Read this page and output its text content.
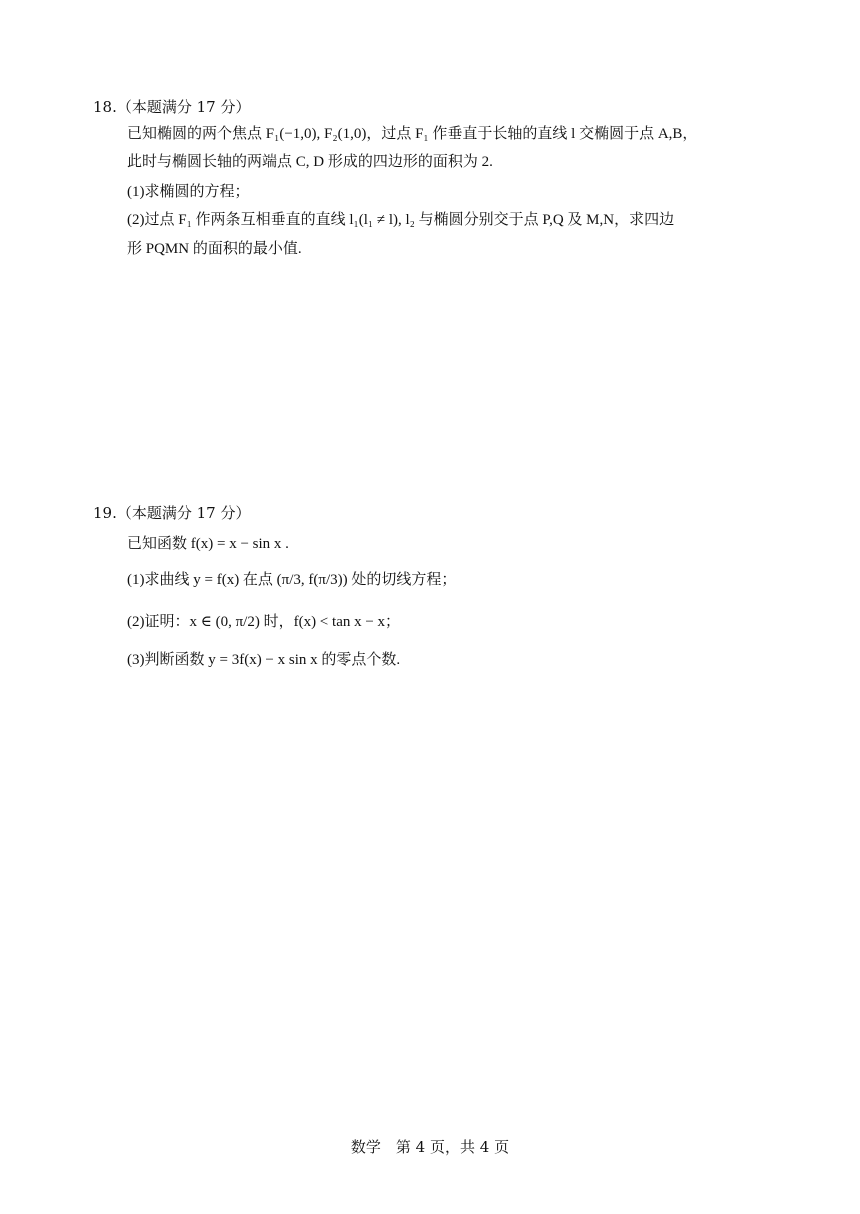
18.（本题满分 17 分）
已知椭圆的两个焦点 F₁(−1,0), F₂(1,0)，过点 F₁ 作垂直于长轴的直线 l 交椭圆于点 A,B，
此时与椭圆长轴的两端点 C, D 形成的四边形的面积为 2.
(1)求椭圆的方程；
(2)过点 F₁ 作两条互相垂直的直线 l₁(l₁ ≠ l), l₂ 与椭圆分别交于点 P,Q 及 M,N，求四边
形 PQMN 的面积的最小值.
19.（本题满分 17 分）
已知函数 f(x) = x − sin x .
(1)求曲线 y = f(x) 在点 (π/3, f(π/3)) 处的切线方程；
(2)证明：x ∈ (0, π/2) 时，f(x) < tan x − x；
(3)判断函数 y = 3f(x) − x sin x 的零点个数.
数学　第 4 页，共 4 页
